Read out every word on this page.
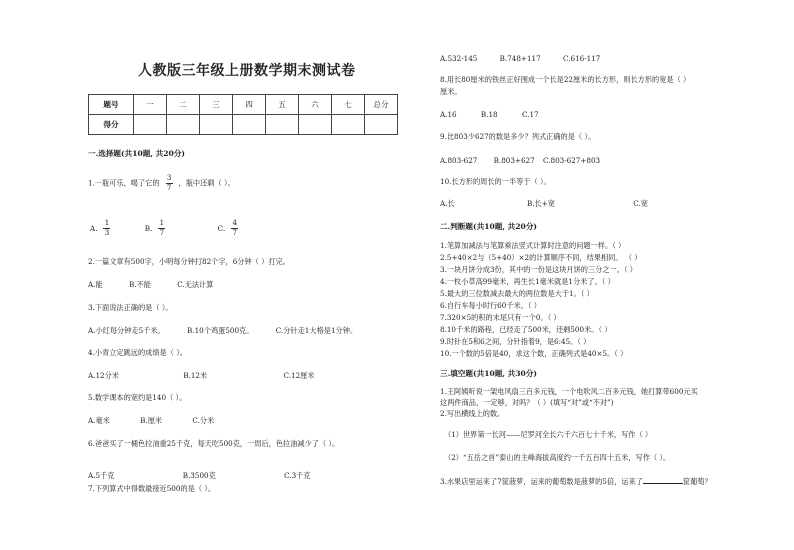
人教版三年级上册数学期末测试卷
题号	一	二	三	四	五	六	七	总分
得分								
一.选择题(共10题, 共20分)
1.一瓶可乐，喝了它的 $\frac{3}{7}$ ，瓶中还剩（ ）。
A. $\frac{1}{3}$	B. $\frac{1}{7}$	C. $\frac{4}{7}$
2.一篇文章有500字，小明每分钟打82个字，6分钟（ ）打完。
A.能	B.不能	C.无法计算
3.下面说法正确的是（ ）。
A.小红每分钟走5千米。	B.10个鸡蛋500克。	C.分针走1大格是1分钟。
4.小青立定跳远的成绩是（ ）。
A.12分米	B.12米	C.12厘米
5.数学课本的宽约是140（ ）。
A.毫米	B.厘米	C.分米
6.爸爸买了一桶色拉油重25千克，每天吃500克，一周后，色拉油减少了（ ）。
A.5千克	B.3500克	C.3千克
7.下列算式中得数最接近500的是（ ）。
A.532-145	B.748+117	C.616-117
8.用长80厘米的铁丝正好围成一个长是22厘米的长方形，则长方形的宽是（ ）
厘米。
A.16	B.18	C.17
9.比803少627的数是多少？列式正确的是（ ）。
A.803-627 B.803+627 C.803-627+803
10.长方形的周长的一半等于（ ）。
A.长	B.长+宽	C.宽
二.判断题(共10题, 共20分)
1.笔算加减法与笔算乘法竖式计算时注意的问题一样。（ ）
2.5+40×2与（5+40）×2的计算顺序不同，结果相同。 （ ）
3.一块月饼分成3份，其中的一份是这块月饼的三分之一。（ ）
4.一枚小草高99毫米，再生长1毫米就是1分米了。（ ）
5.最大的三位数减去最大的两位数是大于1。（ ）
6.自行车每小时行60千米。（ ）
7.320×5的积的末尾只有一个0。（ ）
8.10千米的路程，已经走了500米，还剩500米。（ ）
9.时针在5和6之间，分针指着9，是6:45。（ ）
10.一个数的5倍是40，求这个数，正确列式是40×5。（ ）
三.填空题(共10题, 共30分)
1.王阿姨听说一架电风扇三百多元钱，一个电吹风二百多元钱，她打算带600元买
这两件商品，一定够，对吗？（ ）(填写“对”或“不对”)
2.写出横线上的数。
（1）世界第一长河——尼罗河全长六千六百七十千米，写作（ ）
（2）“五岳之首”泰山的主峰海拔高度约一千五百四十五米，写作（ ）。
3.水果店里运来了7筐菠萝，运来的葡萄数是菠萝的5倍，运来了	筐葡萄？
